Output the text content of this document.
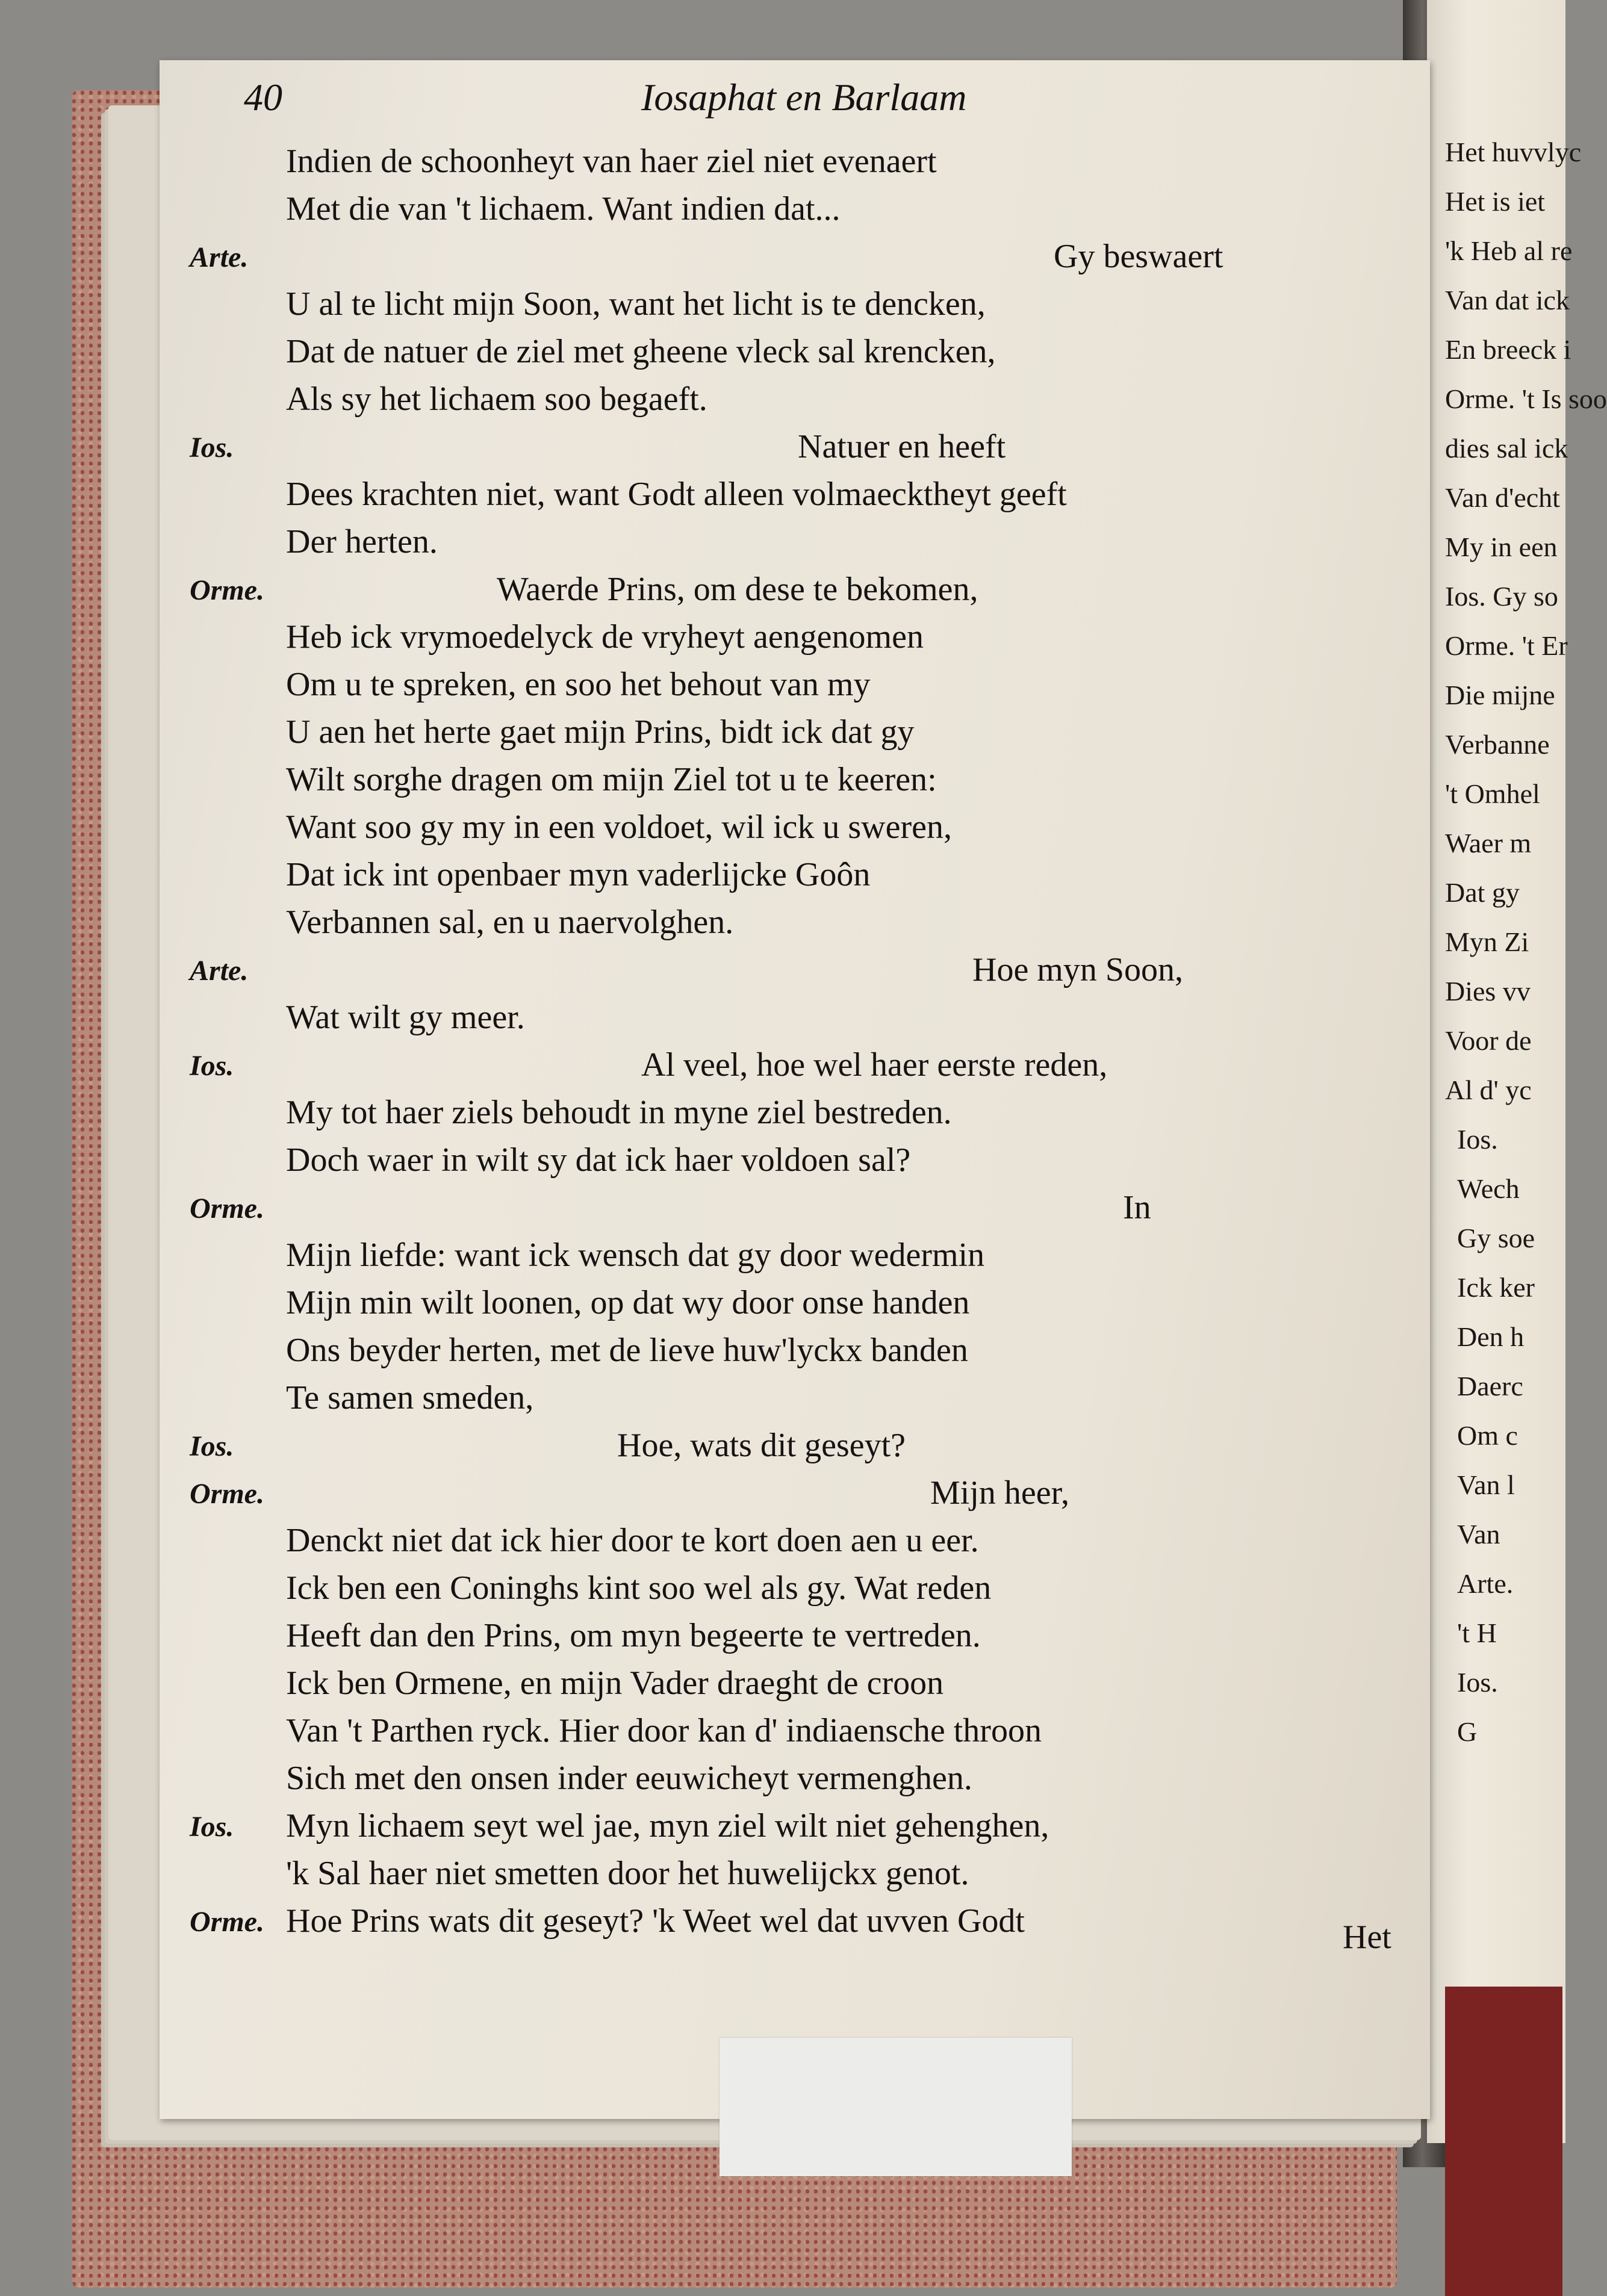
Het huvvlyc
Het is iet
'k Heb al re
Van dat ick
En breeck i
Orme. 't Is soo
dies sal ick
Van d'echt
My in een
Ios. Gy so
Orme. 't Er
Die mijne
Verbanne
't Omhel
Waer m
Dat gy
Myn Zi
Dies vv
Voor de
Al d' yc
Ios.
Wech
Gy soe
Ick ker
Den h
Daerc
Om c
Van l
Van
Arte.
't H
Ios.
G
40	Iosaphat en Barlaam
Indien de schoonheyt van haer ziel niet evenaert
Met die van 't lichaem. Want indien dat...
Arte.	Gy beswaert
U al te licht mijn Soon, want het licht is te dencken,
Dat de natuer de ziel met gheene vleck sal krencken,
Als sy het lichaem soo begaeft.
Ios.	Natuer en heeft
Dees krachten niet, want Godt alleen volmaecktheyt geeft
Der herten.
Orme.	Waerde Prins, om dese te bekomen,
Heb ick vrymoedelyck de vryheyt aengenomen
Om u te spreken, en soo het behout van my
U aen het herte gaet mijn Prins, bidt ick dat gy
Wilt sorghe dragen om mijn Ziel tot u te keeren:
Want soo gy my in een voldoet, wil ick u sweren,
Dat ick int openbaer myn vaderlijcke Goôn
Verbannen sal, en u naervolghen.
Arte.	Hoe myn Soon,
Wat wilt gy meer.
Ios.	Al veel, hoe wel haer eerste reden,
My tot haer ziels behoudt in myne ziel bestreden.
Doch waer in wilt sy dat ick haer voldoen sal?
Orme.	In
Mijn liefde: want ick wensch dat gy door wedermin
Mijn min wilt loonen, op dat wy door onse handen
Ons beyder herten, met de lieve huw'lyckx banden
Te samen smeden,
Ios.	Hoe, wats dit geseyt?
Orme.	Mijn heer,
Denckt niet dat ick hier door te kort doen aen u eer.
Ick ben een Coninghs kint soo wel als gy. Wat reden
Heeft dan den Prins, om myn begeerte te vertreden.
Ick ben Ormene, en mijn Vader draeght de croon
Van 't Parthen ryck. Hier door kan d' indiaensche throon
Sich met den onsen inder eeuwicheyt vermenghen.
Ios. Myn lichaem seyt wel jae, myn ziel wilt niet gehenghen,
'k Sal haer niet smetten door het huwelijckx genot.
Orme. Hoe Prins wats dit geseyt? 'k Weet wel dat uvven Godt	Het
